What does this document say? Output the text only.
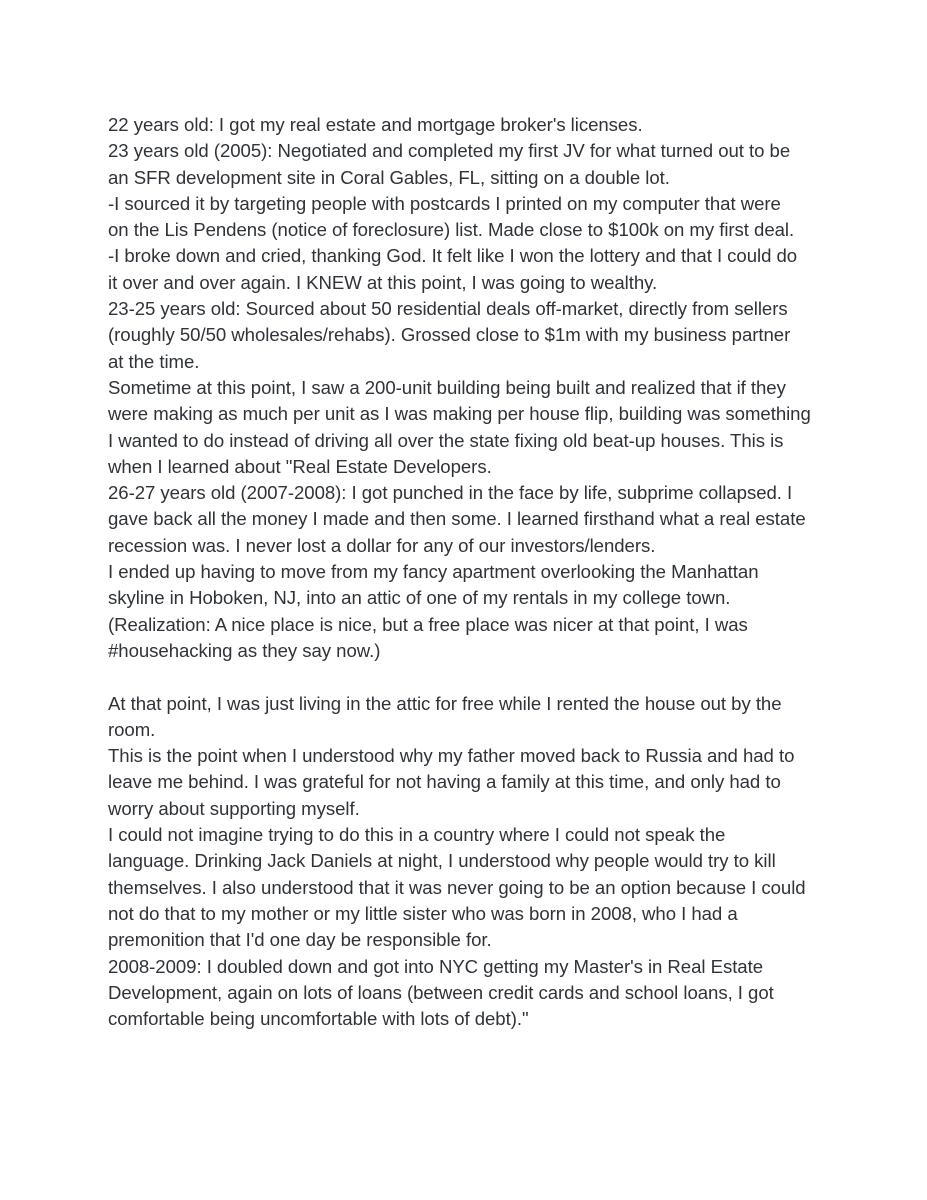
22 years old: I got my real estate and mortgage broker's licenses.
23 years old (2005): Negotiated and completed my first JV for what turned out to be
an SFR development site in Coral Gables, FL, sitting on a double lot.
-I sourced it by targeting people with postcards I printed on my computer that were
on the Lis Pendens (notice of foreclosure) list. Made close to $100k on my first deal.
-I broke down and cried, thanking God. It felt like I won the lottery and that I could do
it over and over again. I KNEW at this point, I was going to wealthy.
23-25 years old: Sourced about 50 residential deals off-market, directly from sellers
(roughly 50/50 wholesales/rehabs). Grossed close to $1m with my business partner
at the time.
Sometime at this point, I saw a 200-unit building being built and realized that if they
were making as much per unit as I was making per house flip, building was something
I wanted to do instead of driving all over the state fixing old beat-up houses. This is
when I learned about "Real Estate Developers.
26-27 years old (2007-2008): I got punched in the face by life, subprime collapsed. I
gave back all the money I made and then some. I learned firsthand what a real estate
recession was. I never lost a dollar for any of our investors/lenders.
I ended up having to move from my fancy apartment overlooking the Manhattan
skyline in Hoboken, NJ, into an attic of one of my rentals in my college town.
(Realization: A nice place is nice, but a free place was nicer at that point, I was
#househacking as they say now.)
At that point, I was just living in the attic for free while I rented the house out by the
room.
This is the point when I understood why my father moved back to Russia and had to
leave me behind. I was grateful for not having a family at this time, and only had to
worry about supporting myself.
I could not imagine trying to do this in a country where I could not speak the
language. Drinking Jack Daniels at night, I understood why people would try to kill
themselves. I also understood that it was never going to be an option because I could
not do that to my mother or my little sister who was born in 2008, who I had a
premonition that I'd one day be responsible for.
2008-2009: I doubled down and got into NYC getting my Master's in Real Estate
Development, again on lots of loans (between credit cards and school loans, I got
comfortable being uncomfortable with lots of debt)."
